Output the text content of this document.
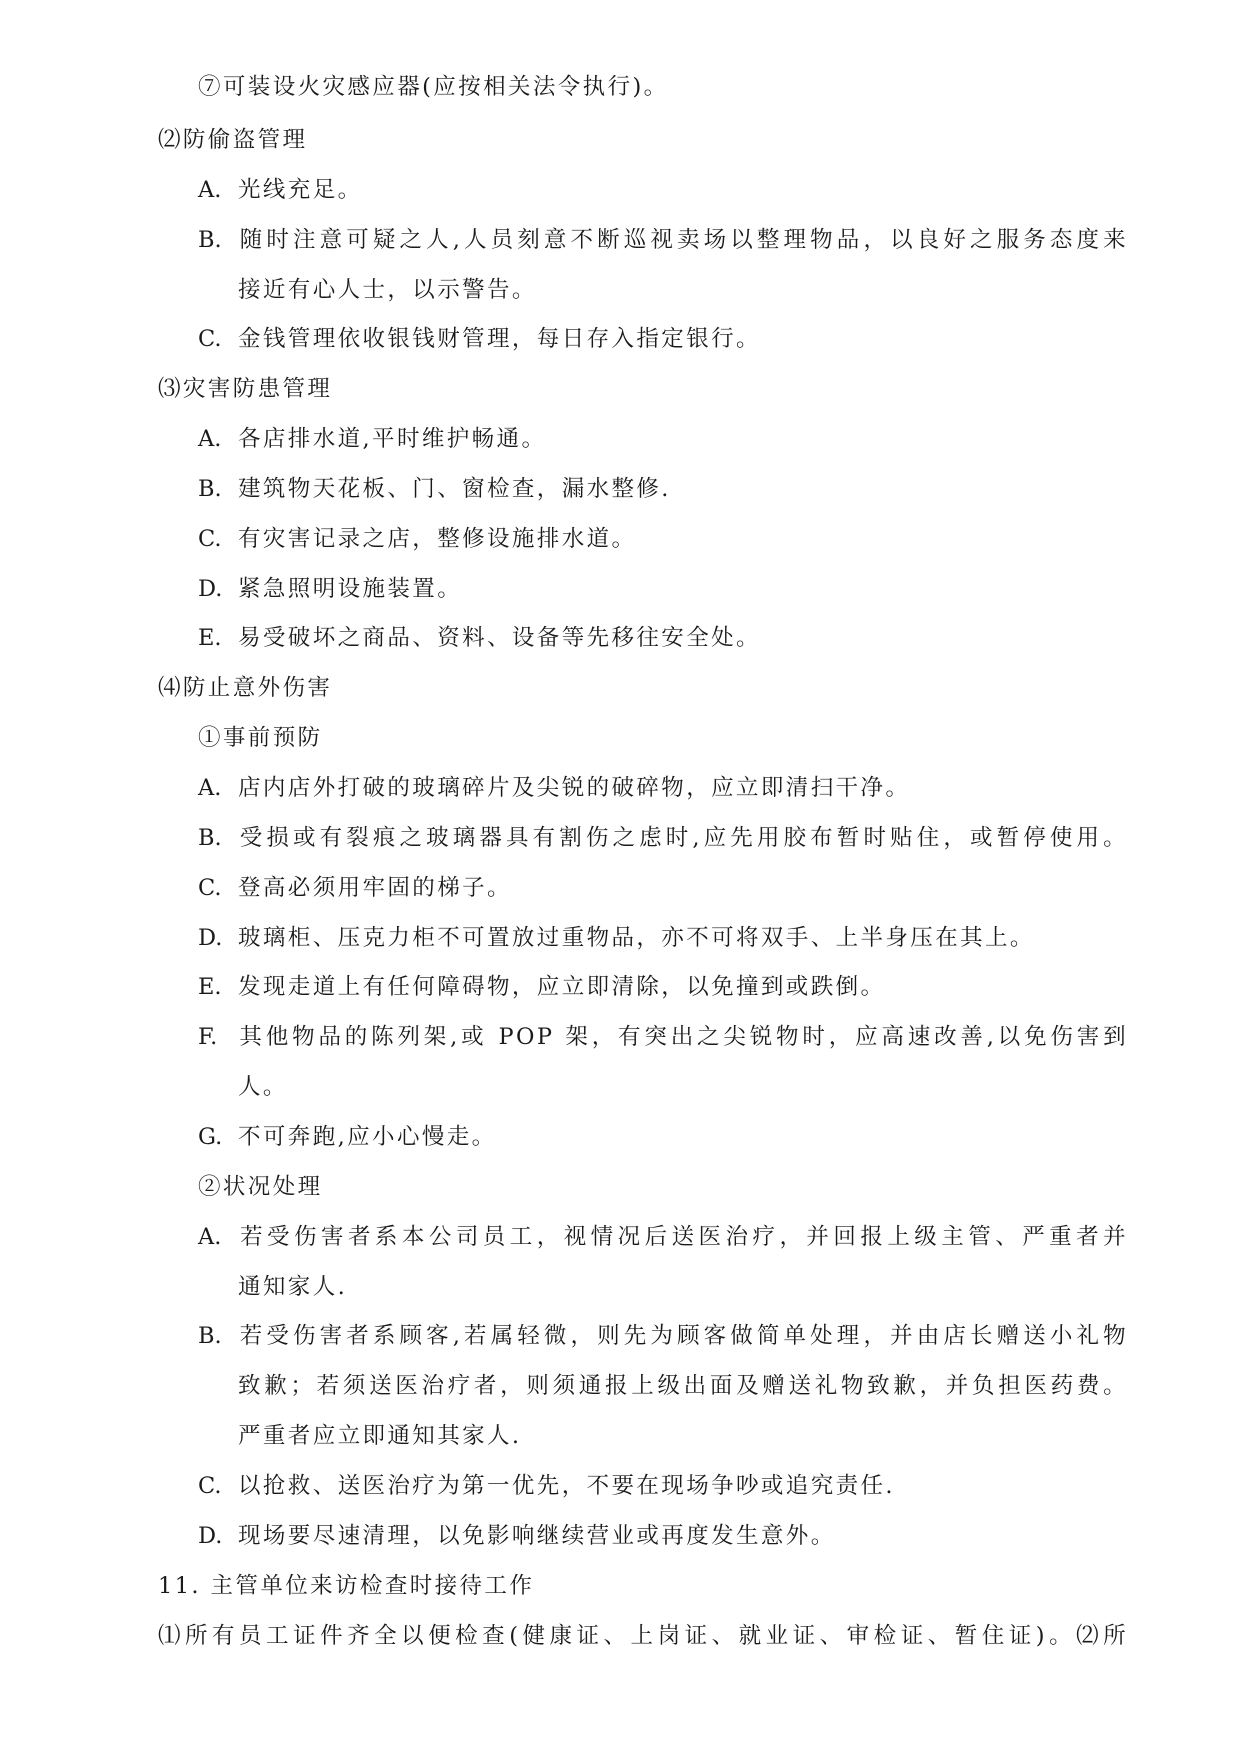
⑦可装设火灾感应器(应按相关法令执行)。
⑵防偷盗管理
A. 光线充足。
B. 随时注意可疑之人,人员刻意不断巡视卖场以整理物品，以良好之服务态度来
接近有心人士，以示警告。
C. 金钱管理依收银钱财管理，每日存入指定银行。
⑶灾害防患管理
A. 各店排水道,平时维护畅通。
B. 建筑物天花板、门、窗检查，漏水整修.
C. 有灾害记录之店，整修设施排水道。
D. 紧急照明设施装置。
E. 易受破坏之商品、资料、设备等先移往安全处。
⑷防止意外伤害
①事前预防
A. 店内店外打破的玻璃碎片及尖锐的破碎物，应立即清扫干净。
B. 受损或有裂痕之玻璃器具有割伤之虑时,应先用胶布暂时贴住，或暂停使用。
C. 登高必须用牢固的梯子。
D. 玻璃柜、压克力柜不可置放过重物品，亦不可将双手、上半身压在其上。
E. 发现走道上有任何障碍物，应立即清除，以免撞到或跌倒。
F. 其他物品的陈列架,或 POP 架，有突出之尖锐物时，应高速改善,以免伤害到
人。
G. 不可奔跑,应小心慢走。
②状况处理
A. 若受伤害者系本公司员工，视情况后送医治疗，并回报上级主管、严重者并
通知家人.
B. 若受伤害者系顾客,若属轻微，则先为顾客做简单处理，并由店长赠送小礼物
致歉；若须送医治疗者，则须通报上级出面及赠送礼物致歉，并负担医药费。
严重者应立即通知其家人.
C. 以抢救、送医治疗为第一优先，不要在现场争吵或追究责任.
D. 现场要尽速清理，以免影响继续营业或再度发生意外。
11. 主管单位来访检查时接待工作
⑴所有员工证件齐全以便检查(健康证、上岗证、就业证、审检证、暂住证)。⑵所
